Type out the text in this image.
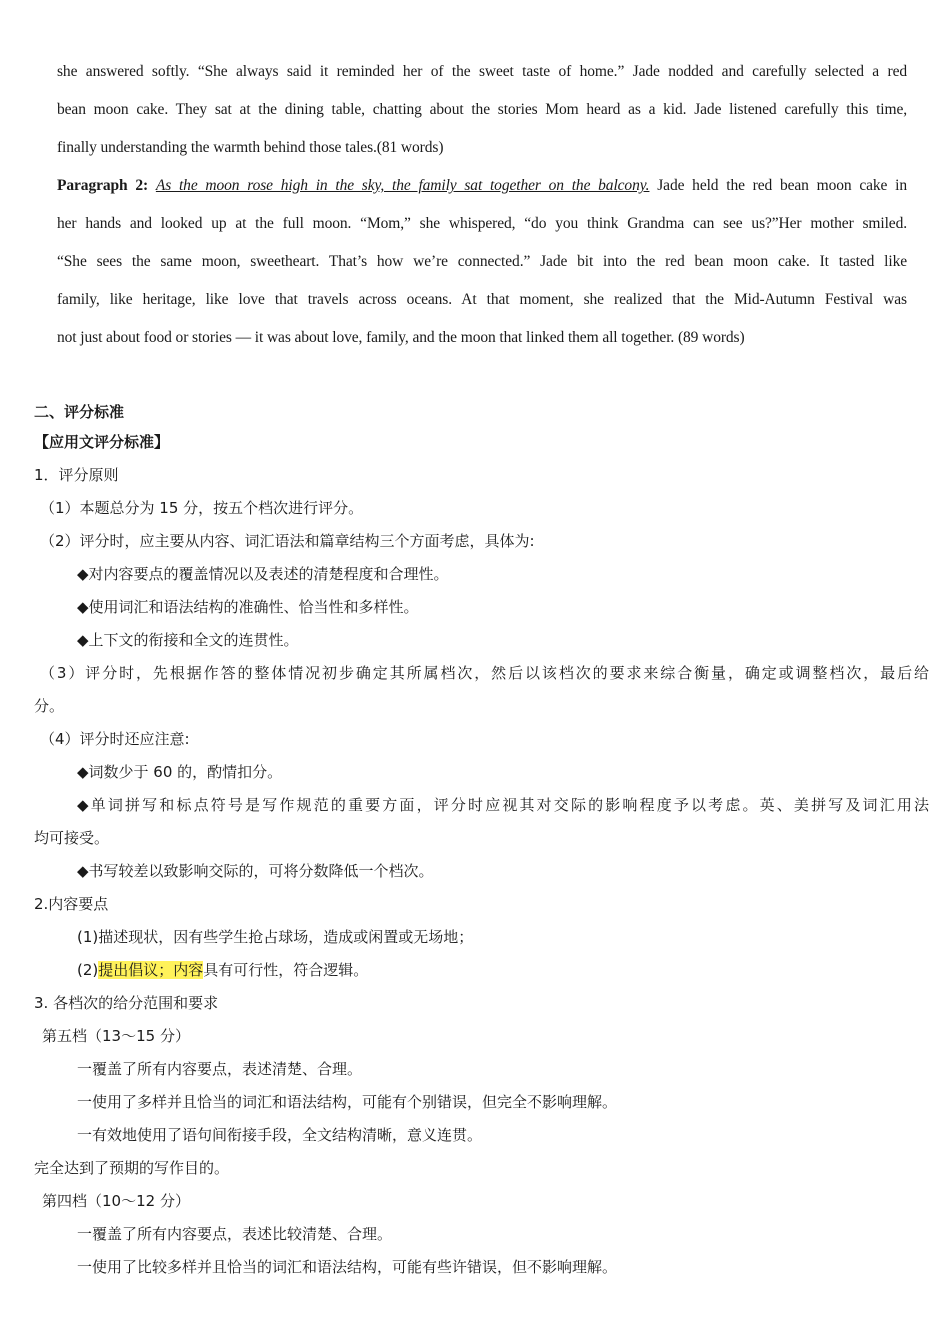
she answered softly. “She always said it reminded her of the sweet taste of home.” Jade nodded and carefully selected a red
bean moon cake. They sat at the dining table, chatting about the stories Mom heard as a kid. Jade listened carefully this time,
finally understanding the warmth behind those tales.(81 words)
Paragraph 2: As the moon rose high in the sky, the family sat together on the balcony. Jade held the red bean moon cake in
her hands and looked up at the full moon. “Mom,” she whispered, “do you think Grandma can see us?”Her mother smiled.
“She sees the same moon, sweetheart. That’s how we’re connected.” Jade bit into the red bean moon cake. It tasted like
family, like heritage, like love that travels across oceans. At that moment, she realized that the Mid-Autumn Festival was
not just about food or stories — it was about love, family, and the moon that linked them all together. (89 words)
二、评分标准
【应用文评分标准】
1．评分原则
（1）本题总分为 15 分，按五个档次进行评分。
（2）评分时，应主要从内容、词汇语法和篇章结构三个方面考虑，具体为:
◆对内容要点的覆盖情况以及表述的清楚程度和合理性。
◆使用词汇和语法结构的准确性、恰当性和多样性。
◆上下文的衔接和全文的连贯性。
（3）评分时，先根据作答的整体情况初步确定其所属档次，然后以该档次的要求来综合衡量，确定或调整档次，最后给
分。
（4）评分时还应注意:
◆词数少于 60 的，酌情扣分。
◆单词拼写和标点符号是写作规范的重要方面，评分时应视其对交际的影响程度予以考虑。英、美拼写及词汇用法
均可接受。
◆书写较差以致影响交际的，可将分数降低一个档次。
2.内容要点
(1)描述现状，因有些学生抢占球场，造成或闲置或无场地；
(2)提出倡议；内容具有可行性，符合逻辑。
3. 各档次的给分范围和要求
第五档（13～15 分）
一覆盖了所有内容要点，表述清楚、合理。
一使用了多样并且恰当的词汇和语法结构，可能有个别错误，但完全不影响理解。
一有效地使用了语句间衔接手段，全文结构清晰，意义连贯。
完全达到了预期的写作目的。
第四档（10～12 分）
一覆盖了所有内容要点，表述比较清楚、合理。
一使用了比较多样并且恰当的词汇和语法结构，可能有些许错误，但不影响理解。
